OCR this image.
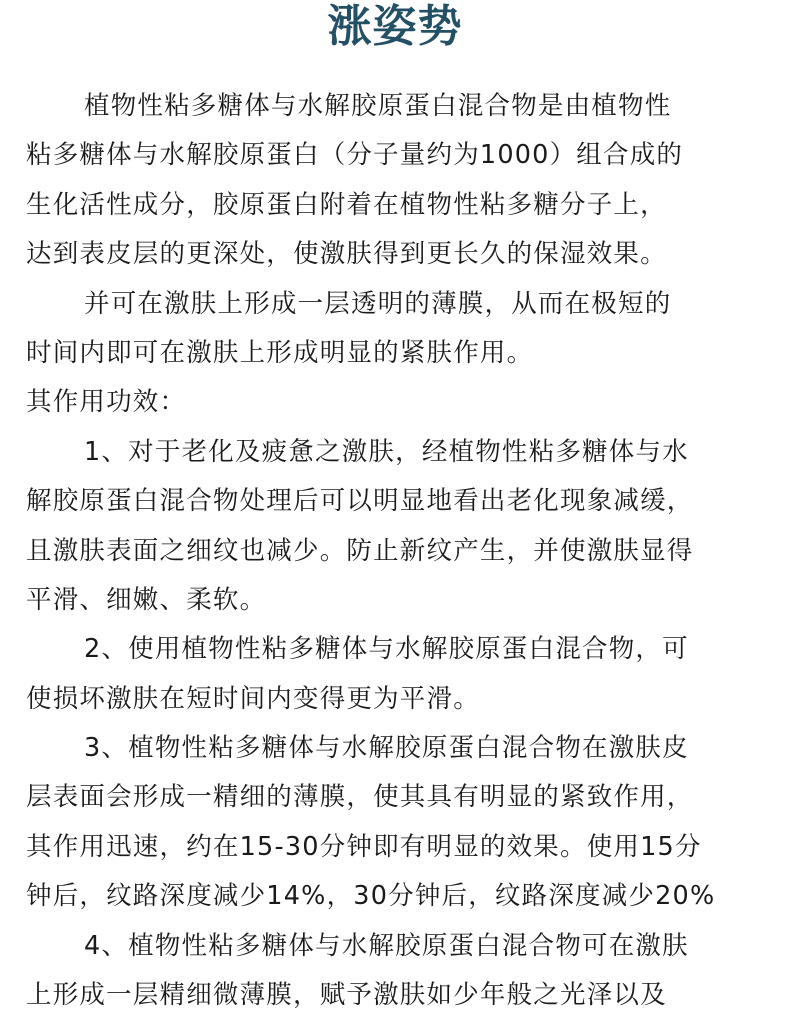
涨姿势
植物性粘多糖体与水解胶原蛋白混合物是由植物性
粘多糖体与水解胶原蛋白（分子量约为1000）组合成的
生化活性成分，胶原蛋白附着在植物性粘多糖分子上，
达到表皮层的更深处，使激肤得到更长久的保湿效果。
并可在激肤上形成一层透明的薄膜，从而在极短的
时间内即可在激肤上形成明显的紧肤作用。
其作用功效：
1、对于老化及疲惫之激肤，经植物性粘多糖体与水
解胶原蛋白混合物处理后可以明显地看出老化现象减缓，
且激肤表面之细纹也减少。防止新纹产生，并使激肤显得
平滑、细嫩、柔软。
2、使用植物性粘多糖体与水解胶原蛋白混合物，可
使损坏激肤在短时间内变得更为平滑。
3、植物性粘多糖体与水解胶原蛋白混合物在激肤皮
层表面会形成一精细的薄膜，使其具有明显的紧致作用，
其作用迅速，约在15-30分钟即有明显的效果。使用15分
钟后，纹路深度减少14%，30分钟后，纹路深度减少20%
4、植物性粘多糖体与水解胶原蛋白混合物可在激肤
上形成一层精细微薄膜，赋予激肤如少年般之光泽以及
